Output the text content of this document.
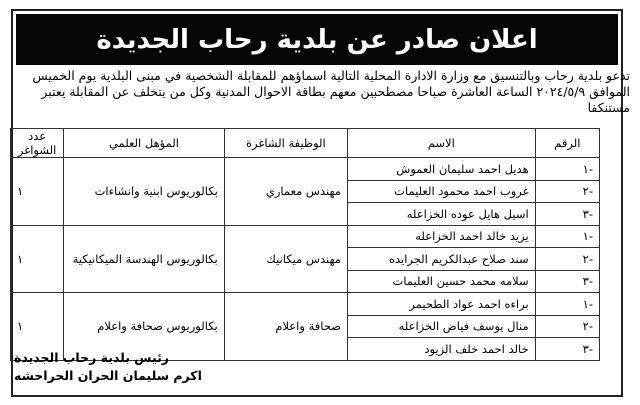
اعلان صادر عن بلدية رحاب الجديدة
تدعو بلدية رحاب وبالتنسيق مع وزارة الادارة المحلية التالية اسماؤهم للمقابلة الشخصية في مبنى البلدية يوم الخميس الموافق ٢٠٢٤/٥/٩ الساعة العاشرة صباحا مصطحبين معهم بطاقة الاحوال المدنية وكل من يتخلف عن المقابلة يعتبر مستنكفا
الرقم	الاسم	الوظيفة الشاغرة	المؤهل العلمي	عدد الشواغر
-١	هديل احمد سليمان العموش	مهندس معماري	بكالوريوس ابنية وانشاءات	١
-٢	غروب احمد محمود العليمات			
-٣	اسيل هايل عوده الخزاعله			
-١	يزيد خالد احمد الخزاعله	مهندس ميكانيك	بكالوريوس الهندسة الميكانيكية	١
-٢	سند صلاح عبدالكريم الجرايده			
-٣	سلامه محمد حسين العليمات			
-١	براءه احمد عواد الطحيمر	صحافة واعلام	بكالوريوس صحافة واعلام	١
-٢	منال يوسف فياض الخزاعله			
-٣	خالد احمد خلف الزيود			
رئيس بلدية رحاب الجديدة
اكرم سليمان الحران الحراحشه
